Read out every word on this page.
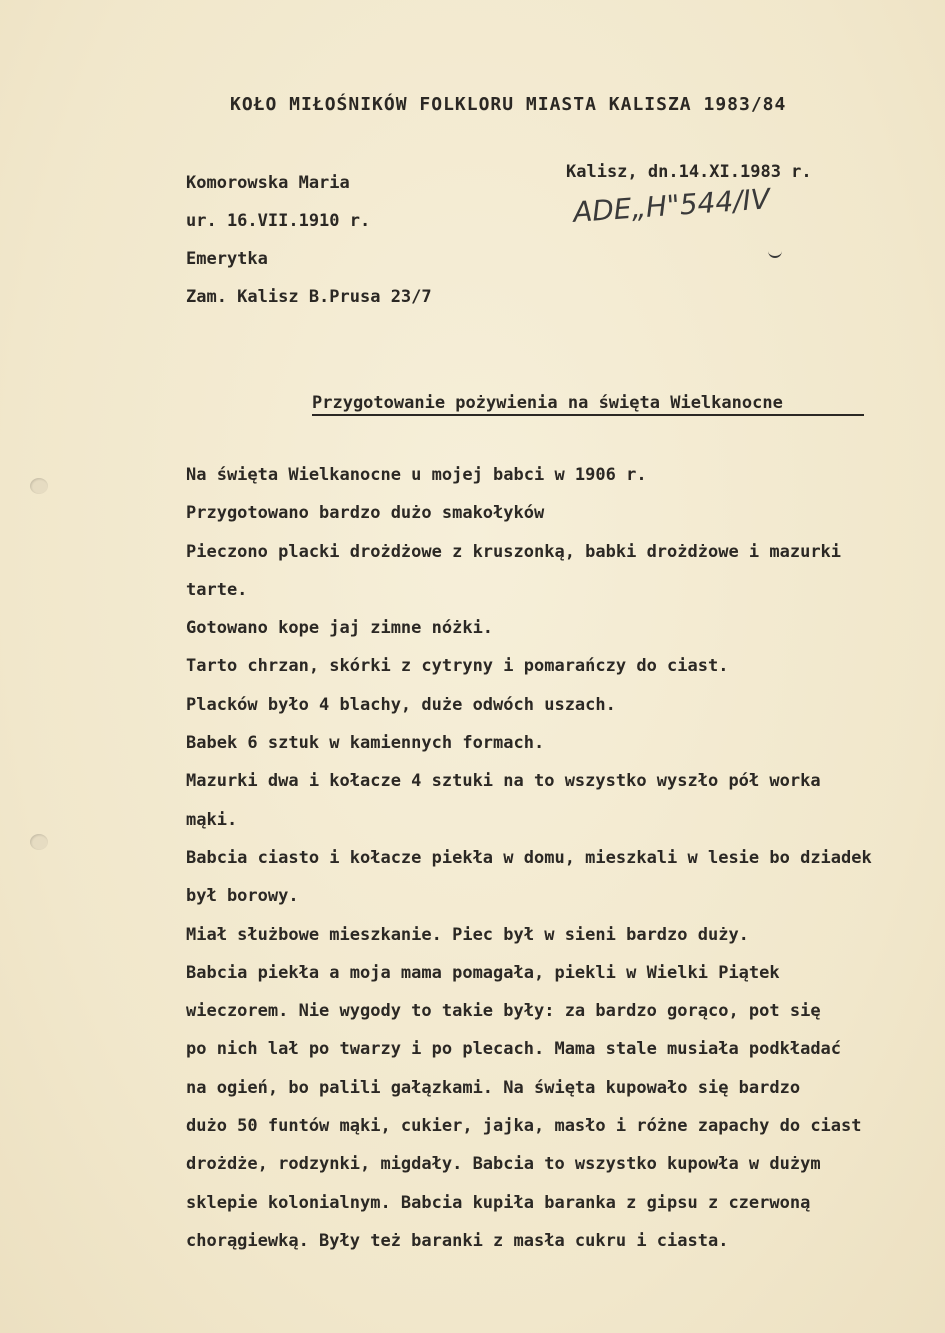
KOŁO MIŁOŚNIKÓW FOLKLORU MIASTA KALISZA 1983/84
Komorowska Maria
ur. 16.VII.1910 r.
Emerytka
Zam. Kalisz B.Prusa 23/7
Kalisz, dn.14.XI.1983 r.
ADE„H"544/IV
Przygotowanie pożywienia na święta Wielkanocne
Na święta Wielkanocne u mojej babci w 1906 r.
Przygotowano bardzo dużo smakołyków
Pieczono placki drożdżowe z kruszonką, babki drożdżowe i mazurki
tarte.
Gotowano kope jaj zimne nóżki.
Tarto chrzan, skórki z cytryny i pomarańczy do ciast.
Placków było 4 blachy, duże odwóch uszach.
Babek 6 sztuk w kamiennych formach.
Mazurki dwa i kołacze 4 sztuki na to wszystko wyszło pół worka
mąki.
Babcia ciasto i kołacze piekła w domu, mieszkali w lesie bo dziadek
był borowy.
Miał służbowe mieszkanie. Piec był w sieni bardzo duży.
Babcia piekła a moja mama pomagała, piekli w Wielki Piątek
wieczorem. Nie wygody to takie były: za bardzo gorąco, pot się
po nich lał po twarzy i po plecach. Mama stale musiała podkładać
na ogień, bo palili gałązkami. Na święta kupowało się bardzo
dużo 50 funtów mąki, cukier, jajka, masło i różne zapachy do ciast
drożdże, rodzynki, migdały. Babcia to wszystko kupowła w dużym
sklepie kolonialnym. Babcia kupiła baranka z gipsu z czerwoną
chorągiewką. Były też baranki z masła cukru i ciasta.
